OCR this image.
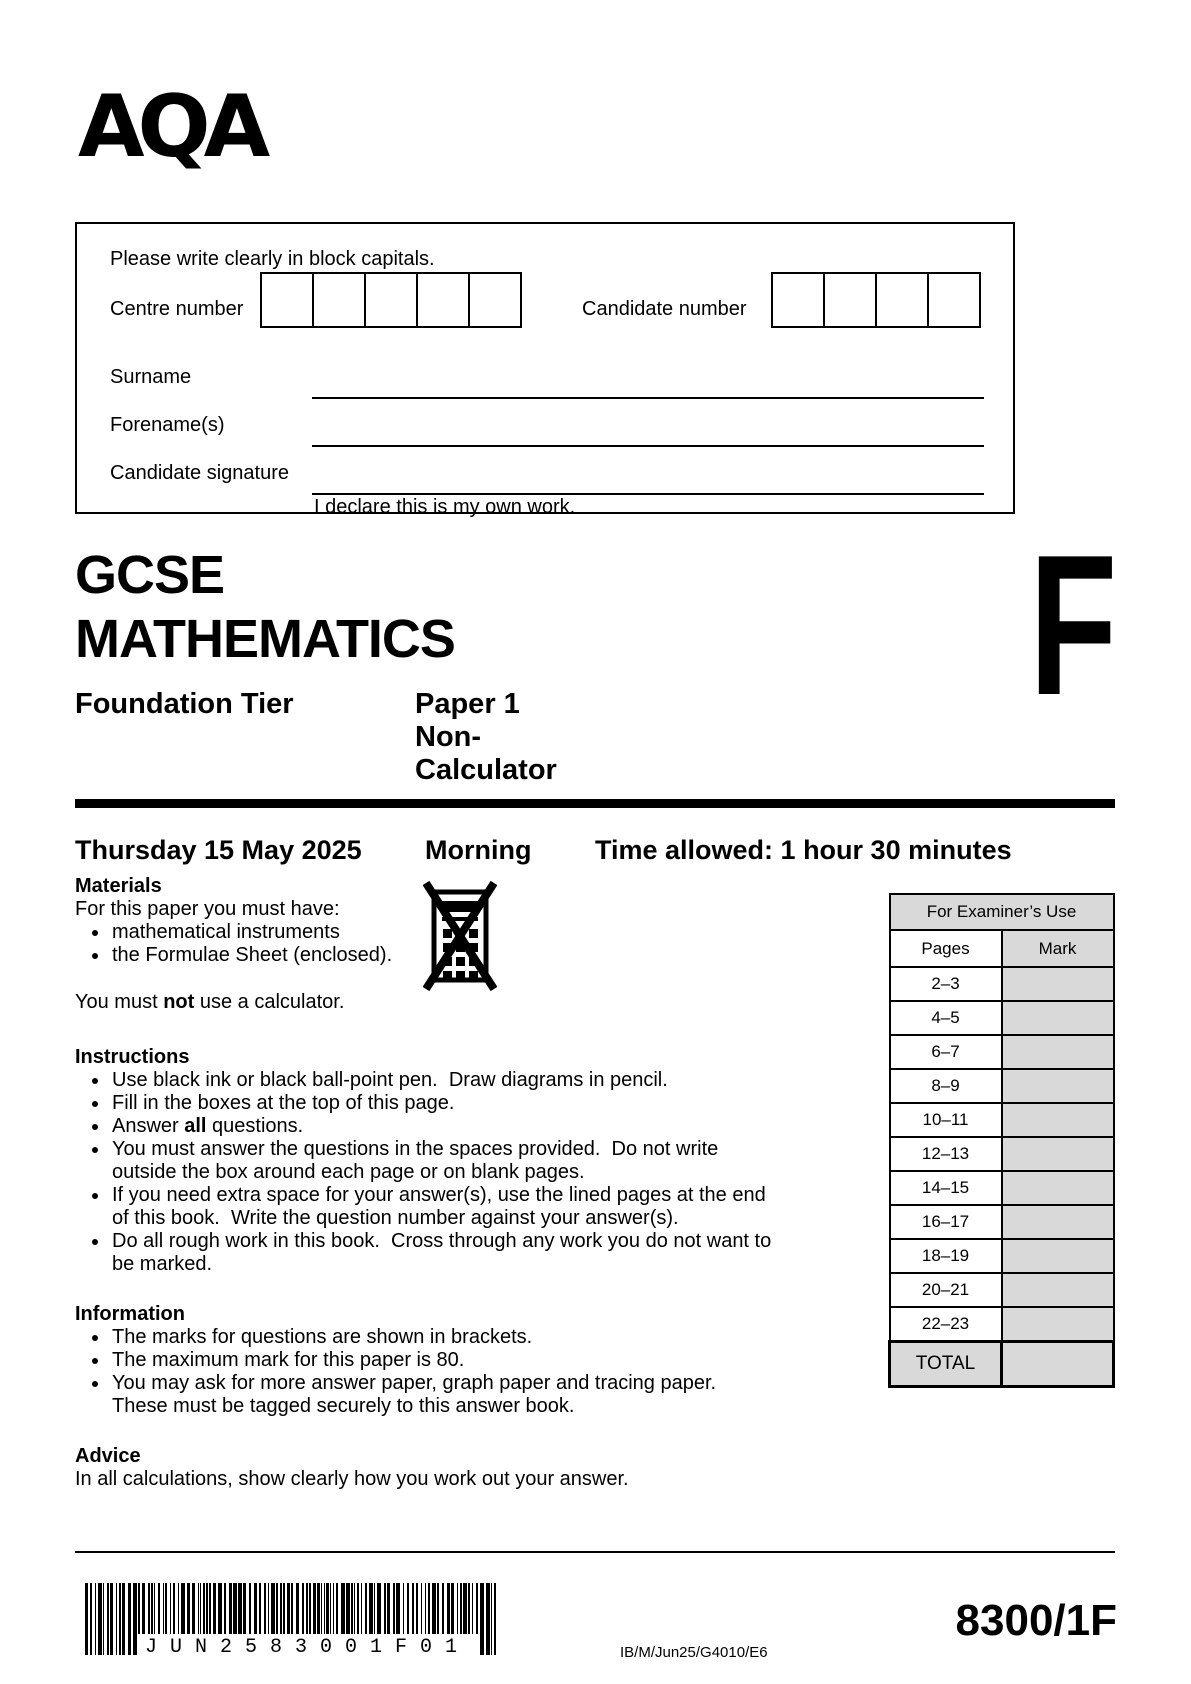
AQA
Please write clearly in block capitals.
Centre number	Candidate number
Surname
Forename(s)
Candidate signature
I declare this is my own work.
GCSE
MATHEMATICS	F
Foundation Tier	Paper 1  Non-Calculator
Thursday 15 May 2025 Morning Time allowed: 1 hour 30 minutes
Materials

For this paper you must have:

• mathematical instruments
• the Formulae Sheet (enclosed).

You must not use a calculator.

Instructions
• Use black ink or black ball-point pen.  Draw diagrams in pencil.
• Fill in the boxes at the top of this page.
• Answer all questions.
• You must answer the questions in the spaces provided.  Do not write
outside the box around each page or on blank pages.
• If you need extra space for your answer(s), use the lined pages at the end
of this book.  Write the question number against your answer(s).
• Do all rough work in this book.  Cross through any work you do not want to
be marked.
Information
• The marks for questions are shown in brackets.
• The maximum mark for this paper is 80.
• You may ask for more answer paper, graph paper and tracing paper.
These must be tagged securely to this answer book.
Advice

In all calculations, show clearly how you work out your answer.

For Examiner’s Use	
Pages	Mark
2–3	
4–5	
6–7	
8–9	
10–11	
12–13	
14–15	
16–17	
18–19	
20–21	
22–23	
TOTAL	
JUN2583001F01	IB/M/Jun25/G4010/E6
8300/1F
